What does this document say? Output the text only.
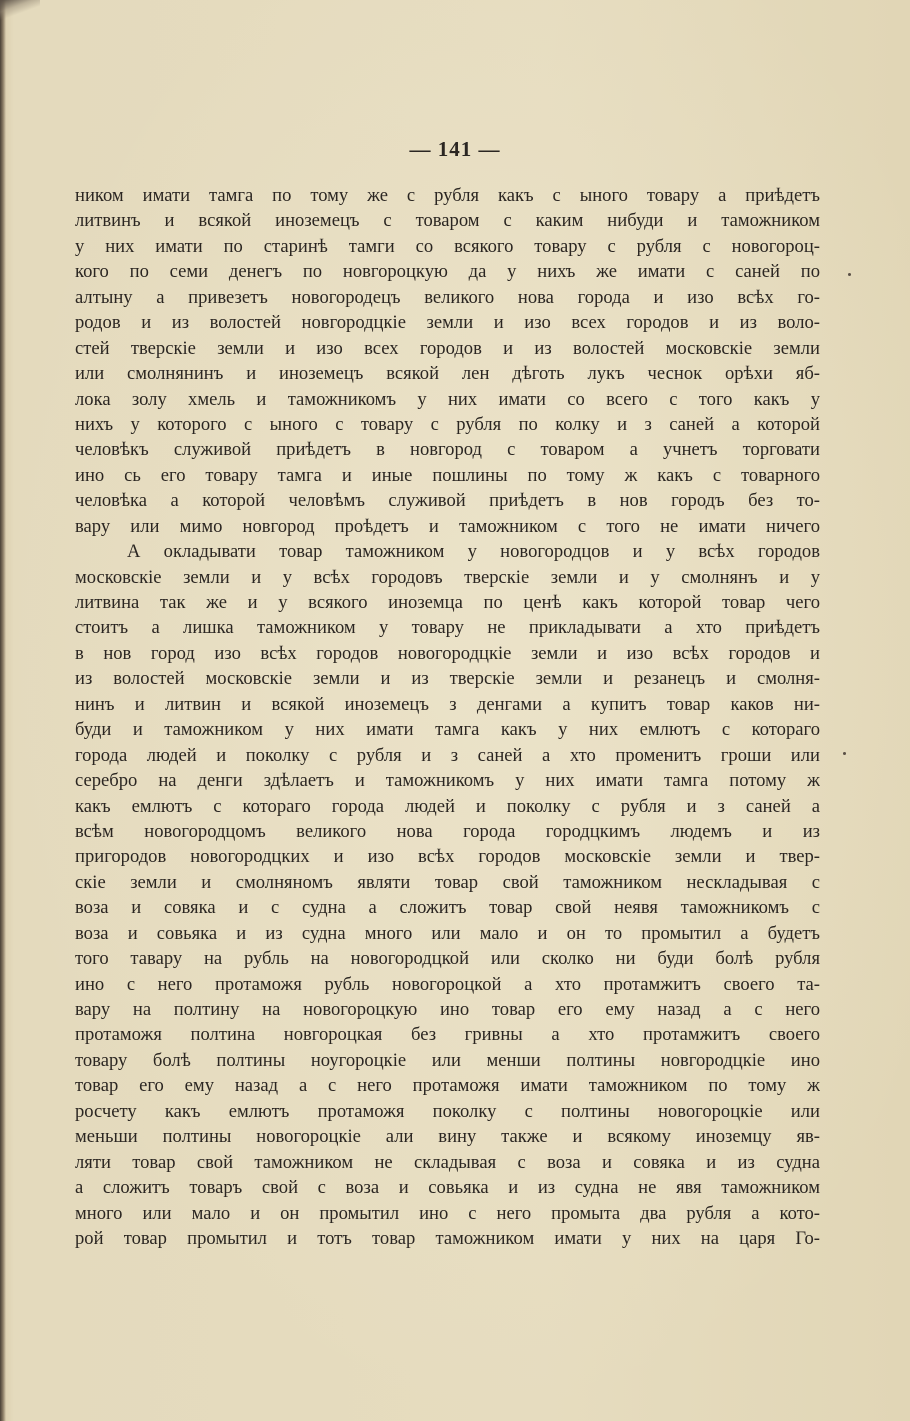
— 141 —
ником имати тамга по тому же с рубля какъ с ыного товару а приѣдетъ
литвинъ и всякой иноземецъ с товаром с каким нибуди и таможником
у них имати по старинѣ тамги со всякого товару с рубля с новогороц-
кого по семи денегъ по новгороцкую да у нихъ же имати с саней по
алтыну а привезетъ новогородецъ великого нова города и изо всѣх го-
родов и из волостей новгородцкіе земли и изо всех городов и из воло-
стей тверскіе земли и изо всех городов и из волостей московскіе земли
или смолнянинъ и иноземецъ всякой лен дѣготь лукъ чеснок орѣхи яб-
лока золу хмель и таможникомъ у них имати со всего с того какъ у
нихъ у которого с ыного с товару с рубля по колку и з саней а которой
человѣкъ служивой приѣдетъ в новгород с товаром а учнетъ торговати
ино сь его товару тамга и иные пошлины по тому ж какъ с товарного
человѣка а которой человѣмъ служивой приѣдетъ в нов городъ без то-
вару или мимо новгород проѣдетъ и таможником с того не имати ничего
А окладывати товар таможником у новогородцов и у всѣх городов
московскіе земли и у всѣх городовъ тверскіе земли и у смолнянъ и у
литвина так же и у всякого иноземца по ценѣ какъ которой товар чего
стоитъ а лишка таможником у товару не прикладывати а хто приѣдетъ
в нов город изо всѣх городов новогородцкіе земли и изо всѣх городов и
из волостей московскіе земли и из тверскіе земли и резанецъ и смолня-
нинъ и литвин и всякой иноземецъ з денгами а купитъ товар каков ни-
буди и таможником у них имати тамга какъ у них емлютъ с котораго
города людей и поколку с рубля и з саней а хто променитъ гроши или
серебро на денги здѣлаетъ и таможникомъ у них имати тамга потому ж
какъ емлютъ с котораго города людей и поколку с рубля и з саней а
всѣм новогородцомъ великого нова города городцкимъ людемъ и из
пригородов новогородцких и изо всѣх городов московскіе земли и твер-
скіе земли и смолняномъ являти товар свой таможником нескладывая с
воза и совяка и с судна а сложитъ товар свой неявя таможникомъ с
воза и совьяка и из судна много или мало и он то промытил а будетъ
того тавару на рубль на новогородцкой или сколко ни буди болѣ рубля
ино с него протаможя рубль новогороцкой а хто протамжитъ своего та-
вару на полтину на новогороцкую ино товар его ему назад а с него
протаможя полтина новгороцкая без гривны а хто протамжитъ своего
товару болѣ полтины ноугороцкіе или менши полтины новгородцкіе ино
товар его ему назад а с него протаможя имати таможником по тому ж
росчету какъ емлютъ протаможя поколку с полтины новогороцкіе или
меньши полтины новогороцкіе али вину также и всякому иноземцу яв-
ляти товар свой таможником не складывая с воза и совяка и из судна
а сложитъ товаръ свой с воза и совьяка и из судна не явя таможником
много или мало и он промытил ино с него промыта два рубля а кото-
рой товар промытил и тотъ товар таможником имати у них на царя Го-
